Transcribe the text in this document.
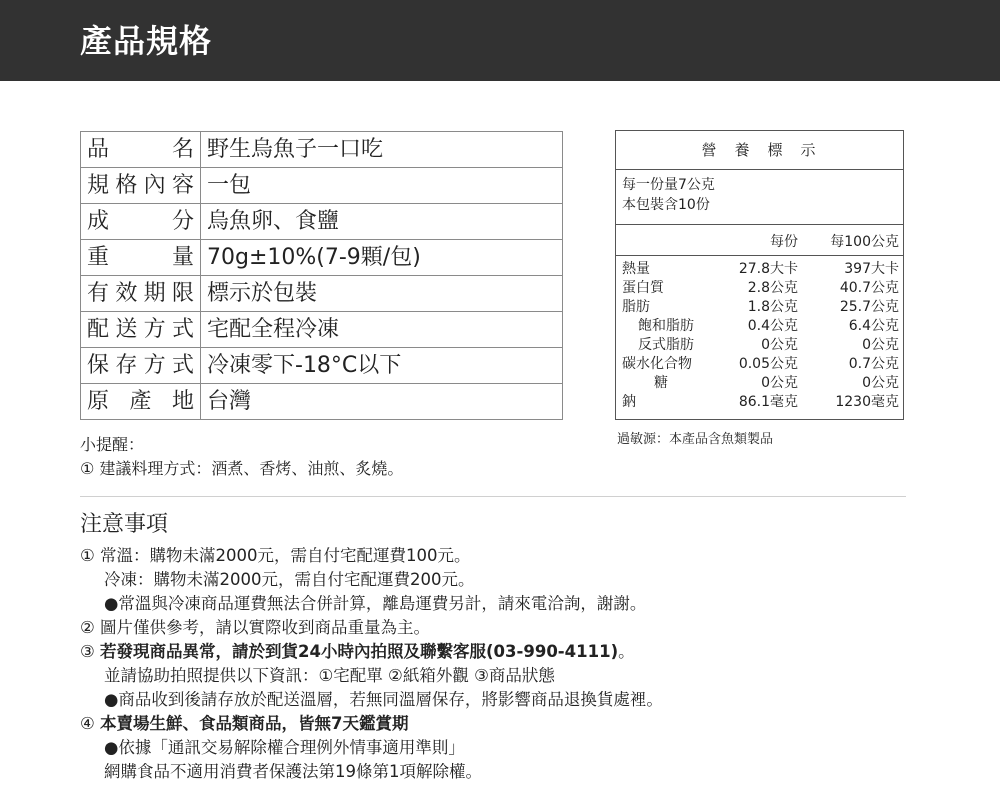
產品規格
品名	野生烏魚子一口吃
規格內容	一包
成分	烏魚卵、食鹽
重量	70g±10%(7-9顆/包)
有效期限	標示於包裝
配送方式	宅配全程冷凍
保存方式	冷凍零下-18°C以下
原產地	台灣
營養標示
每一份量7公克
本包裝含10份
每份 每100公克
熱量	27.8大卡	397大卡
蛋白質	2.8公克	40.7公克
脂肪	1.8公克	25.7公克
飽和脂肪	0.4公克	6.4公克
反式脂肪	0公克	0公克
碳水化合物	0.05公克	0.7公克
糖	0公克	0公克
鈉	86.1毫克	1230毫克
過敏源：本產品含魚類製品
小提醒：
① 建議料理方式：酒煮、香烤、油煎、炙燒。
注意事項
① 常溫：購物未滿2000元，需自付宅配運費100元。
冷凍：購物未滿2000元，需自付宅配運費200元。
●常溫與冷凍商品運費無法合併計算，離島運費另計，請來電洽詢，謝謝。
② 圖片僅供參考，請以實際收到商品重量為主。
③ 若發現商品異常，請於到貨24小時內拍照及聯繫客服(03-990-4111)。
並請協助拍照提供以下資訊：①宅配單 ②紙箱外觀 ③商品狀態
●商品收到後請存放於配送溫層，若無同溫層保存，將影響商品退換貨處裡。
④ 本賣場生鮮、食品類商品，皆無7天鑑賞期
●依據「通訊交易解除權合理例外情事適用準則」
網購食品不適用消費者保護法第19條第1項解除權。
